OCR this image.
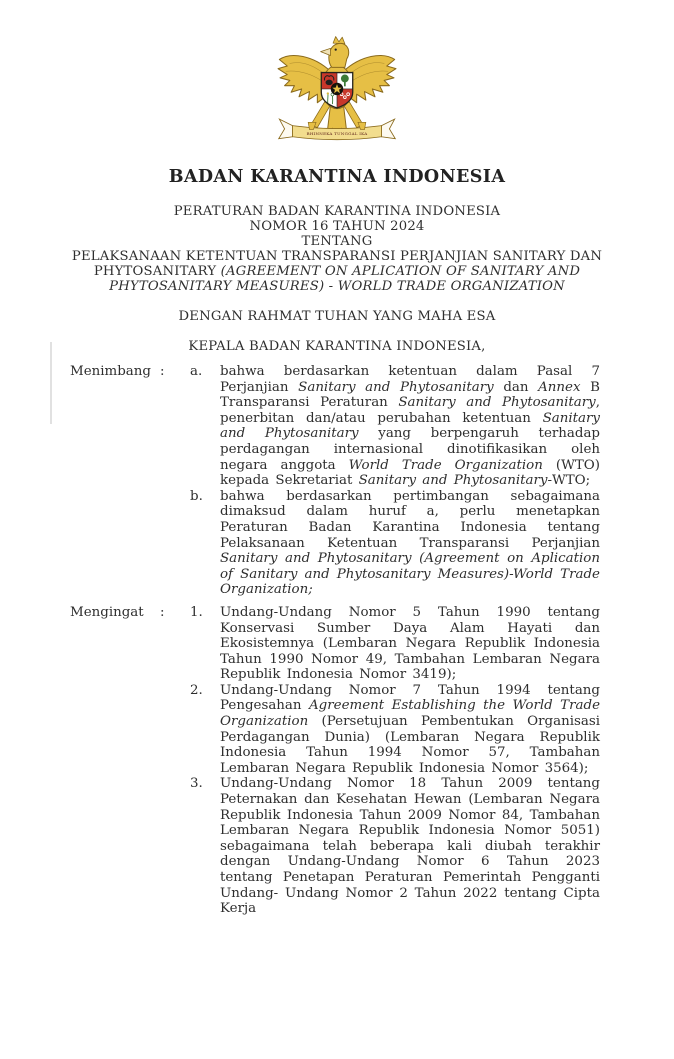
BHINNEKA TUNGGAL IKA
BADAN KARANTINA INDONESIA
PERATURAN BADAN KARANTINA INDONESIA
NOMOR 16 TAHUN 2024
TENTANG
PELAKSANAAN KETENTUAN TRANSPARANSI PERJANJIAN SANITARY DAN PHYTOSANITARY (AGREEMENT ON APLICATION OF SANITARY AND PHYTOSANITARY MEASURES) - WORLD TRADE ORGANIZATION
DENGAN RAHMAT TUHAN YANG MAHA ESA
KEPALA BADAN KARANTINA INDONESIA,
Menimbang :	a.	bahwa berdasarkan ketentuan dalam Pasal 7 Perjanjian Sanitary and Phytosanitary dan Annex B Transparansi Peraturan Sanitary and Phytosanitary, penerbitan dan/atau perubahan ketentuan Sanitary and Phytosanitary yang berpengaruh terhadap perdagangan internasional dinotifikasikan oleh negara anggota World Trade Organization (WTO) kepada Sekretariat Sanitary and Phytosanitary-WTO;
b.	bahwa berdasarkan pertimbangan sebagaimana dimaksud dalam huruf a, perlu menetapkan Peraturan Badan Karantina Indonesia tentang Pelaksanaan Ketentuan Transparansi Perjanjian Sanitary and Phytosanitary (Agreement on Aplication of Sanitary and Phytosanitary Measures)-World Trade Organization;
Mengingat	:	1.	Undang-Undang Nomor 5 Tahun 1990 tentang Konservasi Sumber Daya Alam Hayati dan Ekosistemnya (Lembaran Negara Republik Indonesia Tahun 1990 Nomor 49, Tambahan Lembaran Negara Republik Indonesia Nomor 3419);
2.	Undang-Undang Nomor 7 Tahun 1994 tentang Pengesahan Agreement Establishing the World Trade Organization (Persetujuan Pembentukan Organisasi Perdagangan Dunia) (Lembaran Negara Republik Indonesia Tahun 1994 Nomor 57, Tambahan Lembaran Negara Republik Indonesia Nomor 3564);
3.	Undang-Undang Nomor 18 Tahun 2009 tentang Peternakan dan Kesehatan Hewan (Lembaran Negara Republik Indonesia Tahun 2009 Nomor 84, Tambahan Lembaran Negara Republik Indonesia Nomor 5051) sebagaimana telah beberapa kali diubah terakhir dengan Undang-Undang Nomor 6 Tahun 2023 tentang Penetapan Peraturan Pemerintah Pengganti Undang- Undang Nomor 2 Tahun 2022 tentang Cipta Kerja
